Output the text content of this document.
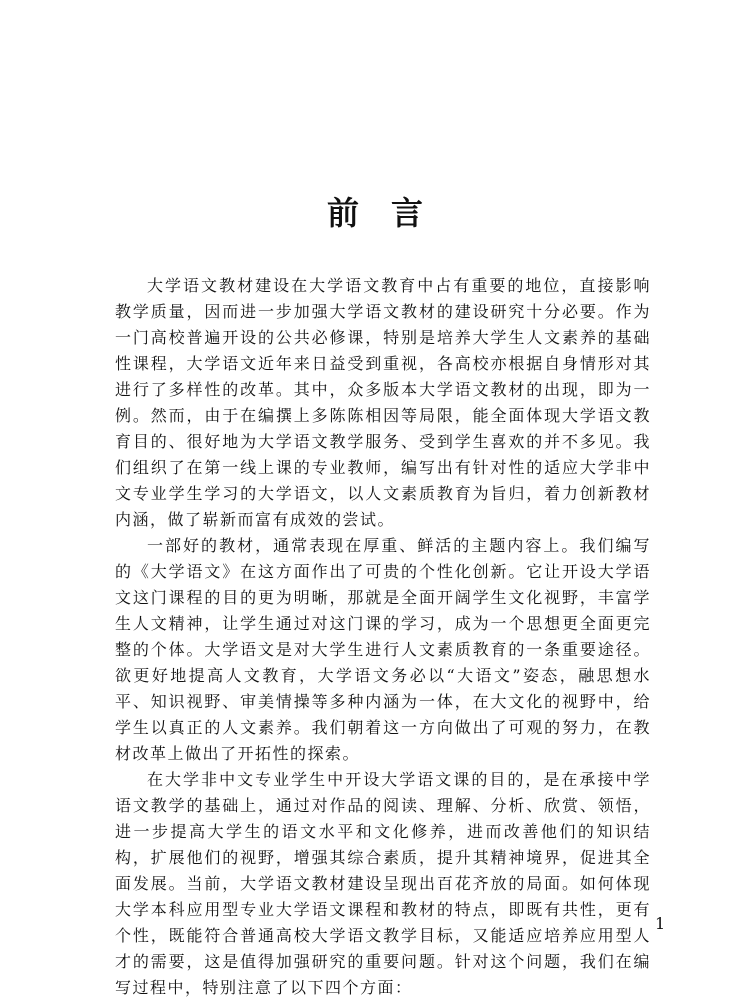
前言

大学语文教材建设在大学语文教育中占有重要的地位，直接影响教学质量，因而进一步加强大学语文教材的建设研究十分必要。作为一门高校普遍开设的公共必修课，特别是培养大学生人文素养的基础性课程，大学语文近年来日益受到重视，各高校亦根据自身情形对其进行了多样性的改革。其中，众多版本大学语文教材的出现，即为一例。然而，由于在编撰上多陈陈相因等局限，能全面体现大学语文教育目的、很好地为大学语文教学服务、受到学生喜欢的并不多见。我们组织了在第一线上课的专业教师，编写出有针对性的适应大学非中文专业学生学习的大学语文，以人文素质教育为旨归，着力创新教材内涵，做了崭新而富有成效的尝试。

一部好的教材，通常表现在厚重、鲜活的主题内容上。我们编写的《大学语文》在这方面作出了可贵的个性化创新。它让开设大学语文这门课程的目的更为明晰，那就是全面开阔学生文化视野，丰富学生人文精神，让学生通过对这门课的学习，成为一个思想更全面更完整的个体。大学语文是对大学生进行人文素质教育的一条重要途径。欲更好地提高人文教育，大学语文务必以“大语文”姿态，融思想水平、知识视野、审美情操等多种内涵为一体，在大文化的视野中，给学生以真正的人文素养。我们朝着这一方向做出了可观的努力，在教材改革上做出了开拓性的探索。

在大学非中文专业学生中开设大学语文课的目的，是在承接中学语文教学的基础上，通过对作品的阅读、理解、分析、欣赏、领悟，进一步提高大学生的语文水平和文化修养，进而改善他们的知识结构，扩展他们的视野，增强其综合素质，提升其精神境界，促进其全面发展。当前，大学语文教材建设呈现出百花齐放的局面。如何体现大学本科应用型专业大学语文课程和教材的特点，即既有共性，更有个性，既能符合普通高校大学语文教学目标，又能适应培养应用型人才的需要，这是值得加强研究的重要问题。针对这个问题，我们在编写过程中，特别注意了以下四个方面：

1
